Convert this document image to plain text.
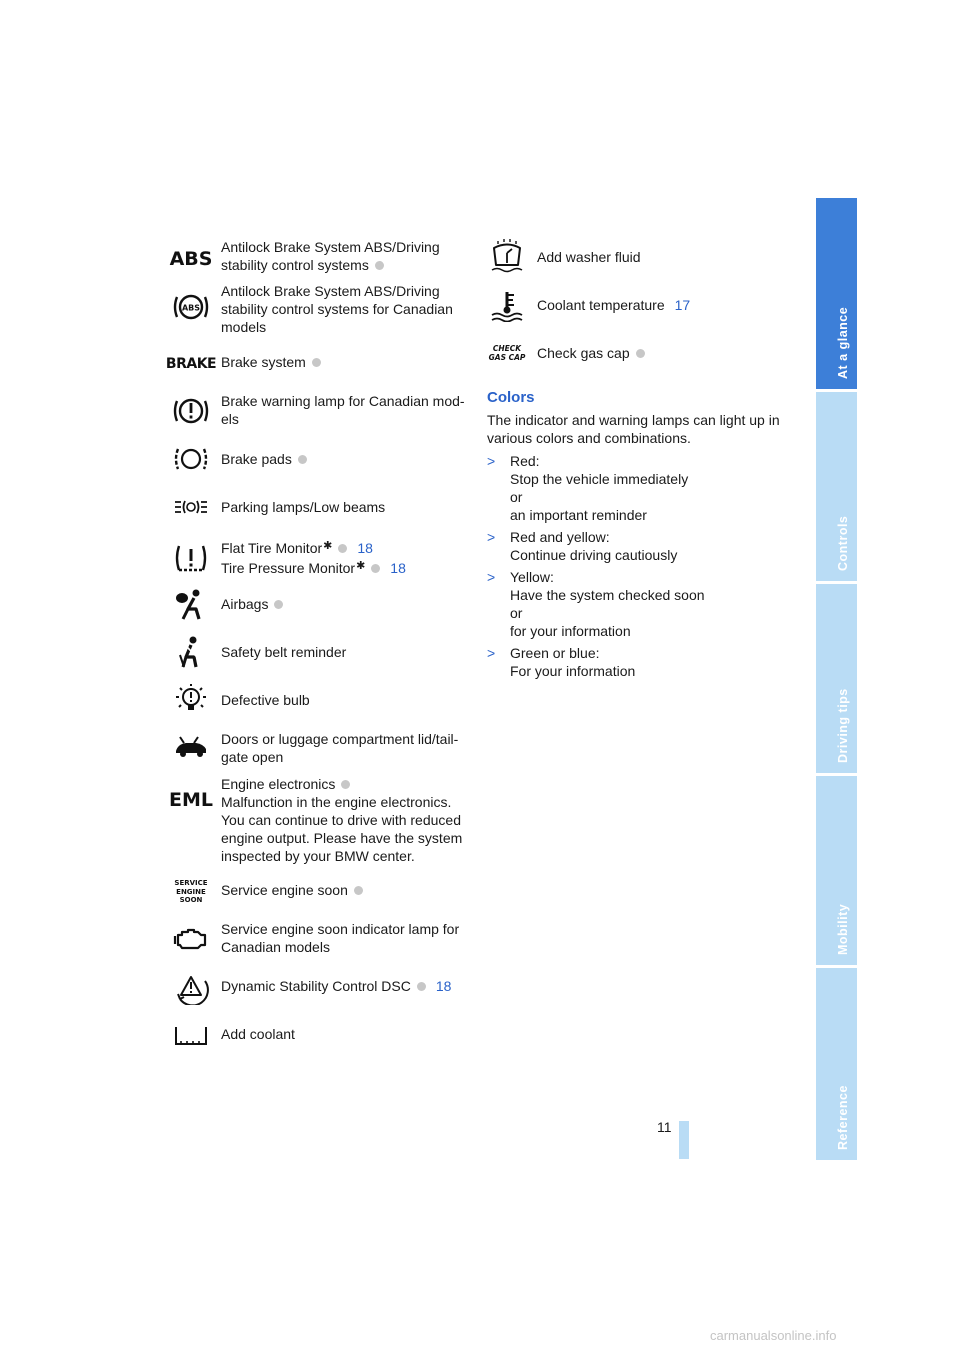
ABS
Antilock Brake System ABS/Driving stability control systems
ABS
Antilock Brake System ABS/Driving stability control systems for Canadian models
BRAKE Brake system
Brake warning lamp for Canadian mod-
els
Brake pads
Parking lamps/Low beams
Flat Tire Monitor✱ 18
Tire Pressure Monitor✱ 18
Airbags
Safety belt reminder
Defective bulb
Doors or luggage compartment lid/tail-
gate open
EML
Engine electronics
Malfunction in the engine electronics. You can continue to drive with reduced engine output. Please have the system inspected by your BMW center.
SERVICE
ENGINE
SOON
Service engine soon
Service engine soon indicator lamp for Canadian models
Dynamic Stability Control DSC 18
Add coolant
Add washer fluid
Coolant temperature 17
CHECK
GAS CAP Check gas cap
Colors
The indicator and warning lamps can light up in various colors and combinations.
> Red:
Stop the vehicle immediately
or
an important reminder
> Red and yellow:
Continue driving cautiously
> Yellow:
Have the system checked soon
or
for your information
> Green or blue:
For your information
At a glance
Controls
Driving tips
Mobility
Reference
11
carmanualsonline.info
